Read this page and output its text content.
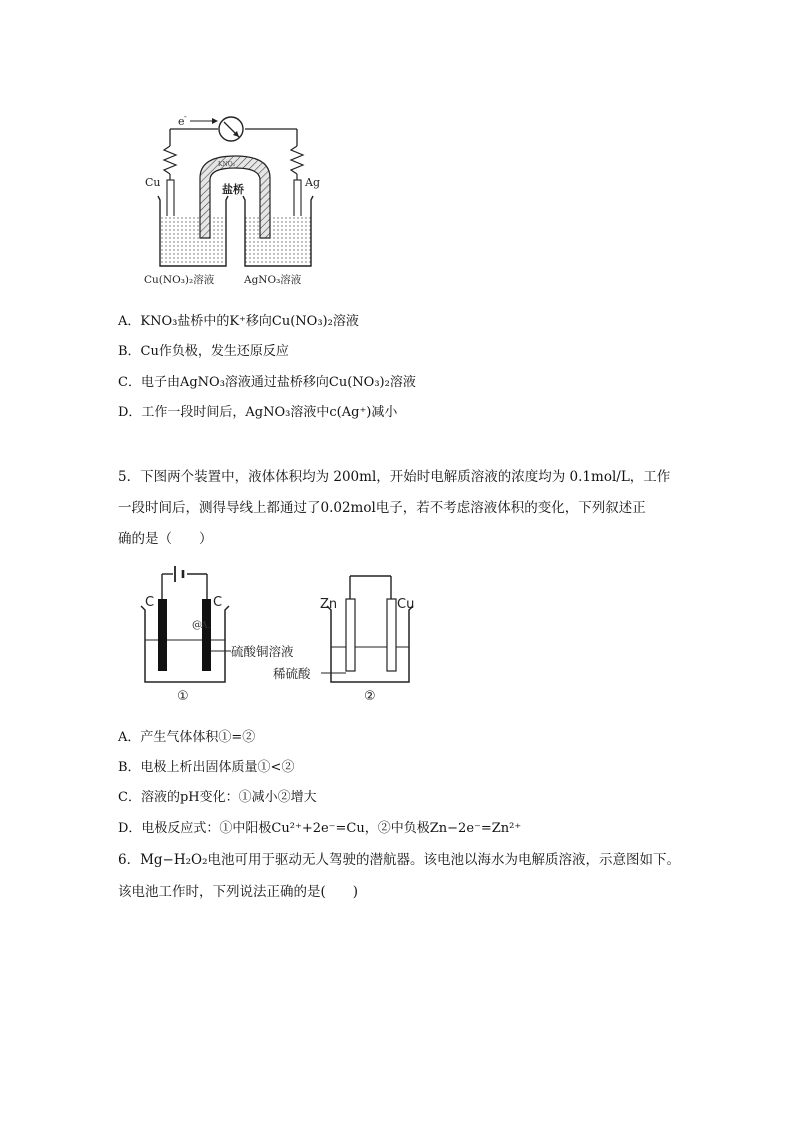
e -
Cu	Ag
KNO₃
盐桥
Cu(NO₃)₂溶液	AgNO₃溶液
A．KNO₃盐桥中的K⁺移向Cu(NO₃)₂溶液
B．Cu作负极，发生还原反应
C．电子由AgNO₃溶液通过盐桥移向Cu(NO₃)₂溶液
D．工作一段时间后，AgNO₃溶液中c(Ag⁺)减小
5．下图两个装置中，液体体积均为 200ml，开始时电解质溶液的浓度均为 0.1mol/L，工作
一段时间后，测得导线上都通过了0.02mol电子，若不考虑溶液体积的变化，下列叙述正
确的是（　　）
C	C
@ A.
硫酸铜溶液
①
Zn	Cu
稀硫酸
②
A．产生气体体积①=②
B．电极上析出固体质量①<②
C．溶液的pH变化：①减小②增大
D．电极反应式：①中阳极Cu²⁺+2e⁻=Cu，②中负极Zn−2e⁻=Zn²⁺
6．Mg−H₂O₂电池可用于驱动无人驾驶的潜航器。该电池以海水为电解质溶液，示意图如下。
该电池工作时，下列说法正确的是(　　)
